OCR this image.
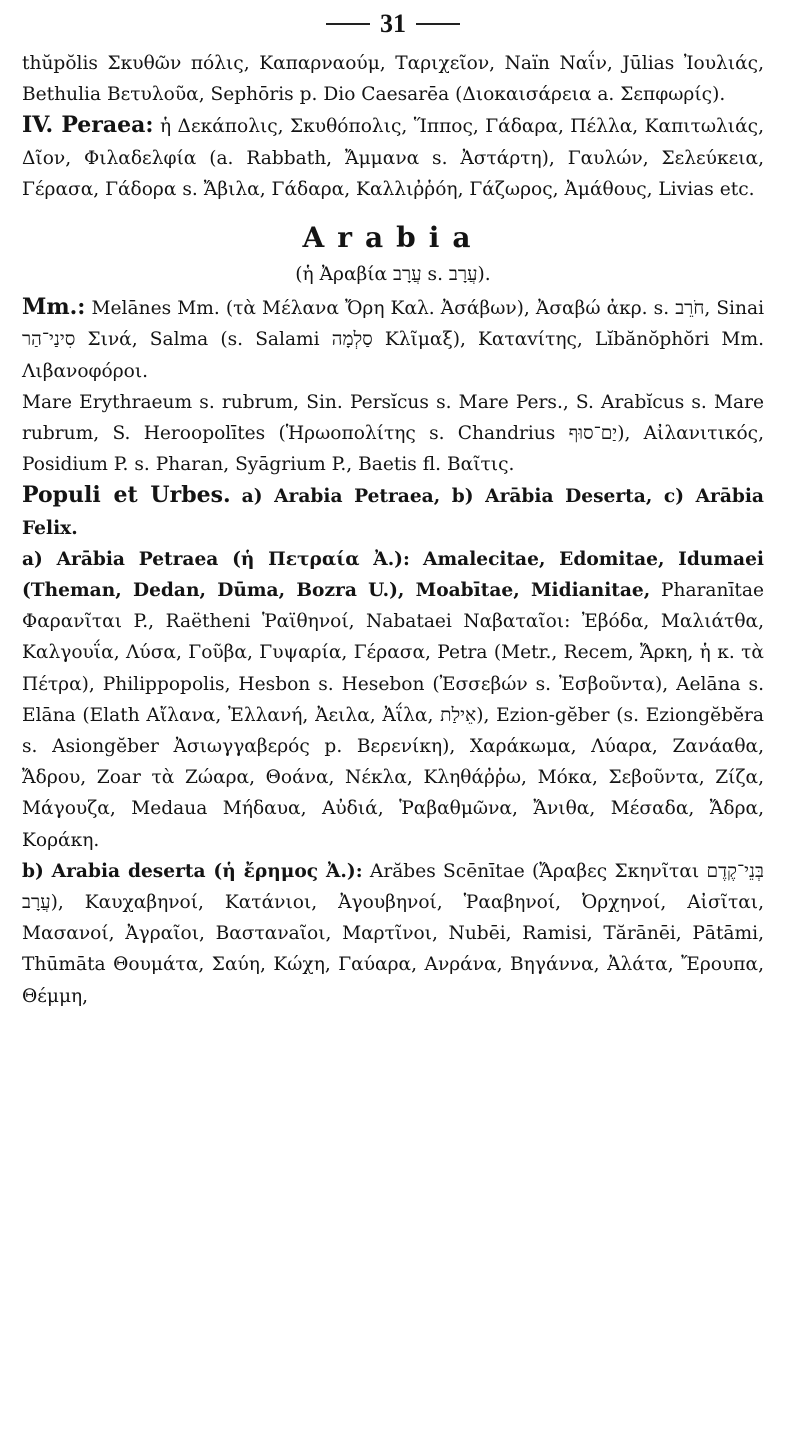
31

thŭpŏlis Σκυθῶν πόλις, Καπαρναούμ, Ταριχεῖον, Naïn Ναΐν, Jūlias Ἰουλιάς, Bethulia Βετυλοῦα, Sephōris p. Dio Caesarēa (Διοκαισάρεια a. Σεπφωρίς).

IV. Peraea: ἡ Δεκάπολις, Σκυθόπολις, Ἵππος, Γάδαρα, Πέλλα, Καπιτωλιάς, Δῖον, Φιλαδελφία (a. Rabbath, Ἄμμανα s. Ἀστάρτη), Γαυλών, Σελεύκεια, Γέρασα, Γάδορα s. Ἄβιλα, Γάδαρα, Καλλιῤῥόη, Γάζωρος, Ἀμάθους, Livias etc.

Arabia
(ἡ Ἀραβία עֲרָב s. עֲרָב).

Mm.: Melānes Mm. (τὰ Μέλανα Ὄρη Καλ. Ἀσάβων), Ἀσαβώ ἀκρ. s. חֹרֵב, Sinai סִינַי־הַר Σινά, Salma (s. Salami סַלְמָה Κλῖμαξ), Καταvίτης, Lĭbănŏphŏri Mm. Λιβανοφόροι.

Mare Erythraeum s. rubrum, Sin. Persĭcus s. Mare Pers., S. Arabĭcus s. Mare rubrum, S. Heroopolītes (Ἡρωοπολίτης s. Chandrius יַם־סוּף), Αἰλανιτικός, Posidium P. s. Pharan, Syāgrium P., Baetis fl. Βαῖτις.

Populi et Urbes. a) Arabia Petraea, b) Arābia Deserta, c) Arābia Felix.

a) Arābia Petraea (ἡ Πετραία Ἀ.): Amalecitae, Edomitae, Idumaei (Theman, Dedan, Dūma, Bozra U.), Moabītae, Midianitae, Pharanītae Φαρανῖται P., Raëtheni Ῥαϊθηνοί, Nabataei Ναβαταῖοι: Ἐβόδα, Μαλιάτθα, Καλγουΐα, Λύσα, Γοῦβα, Γυψαρία, Γέρασα, Petra (Metr., Recem, Ἄρκη, ἡ κ. τὰ Πέτρα), Philippopolis, Hesbon s. Hesebon (Ἐσσεβών s. Ἐσβοῦντα), Aelāna s. Elāna (Elath Αἴλανα, Ἐλλανή, Ἀειλα, Ἀΐλα, אֵילַת), Ezion-gĕber (s. Eziongĕbĕra s. Asiongĕber Ἀσιωγγαβερός p. Βερενίκη), Χαράκωμα, Λύαρα, Ζανάαθα, Ἄδρου, Zoar τὰ Ζώαρα, Θοάνα, Νέκλα, Κληθάῤῥω, Μόκα, Σεβοῦντα, Ζίζα, Μάγουζα, Medaua Μήδαυα, Αὐδιά, Ῥαβαθμῶνα, Ἄνιθα, Μέσαδα, Ἄδρα, Κοράκη.

b) Arabia deserta (ἡ ἔρημος Ἀ.): Arăbes Scēnītae (Ἄραβες Σκηνῖται בְּנֵי־קֶדֶם עֲרָב), Καυχαβηνοί, Κατάνιοι, Ἀγουβηνοί, Ῥααβηνοί, Ὀρχηνοί, Αἰσῖται, Μασανοί, Ἀγραῖοι, Βαστανaῖοι, Μαρτῖνοι, Nubēi, Ramisi, Tărānēi, Pātāmi, Thūmāta Θουμάτα, Σαύη, Κώχη, Γαύαρα, Ανράνα, Βηγάννα, Ἀλάτα, Ἔρουπα, Θέμμη,
